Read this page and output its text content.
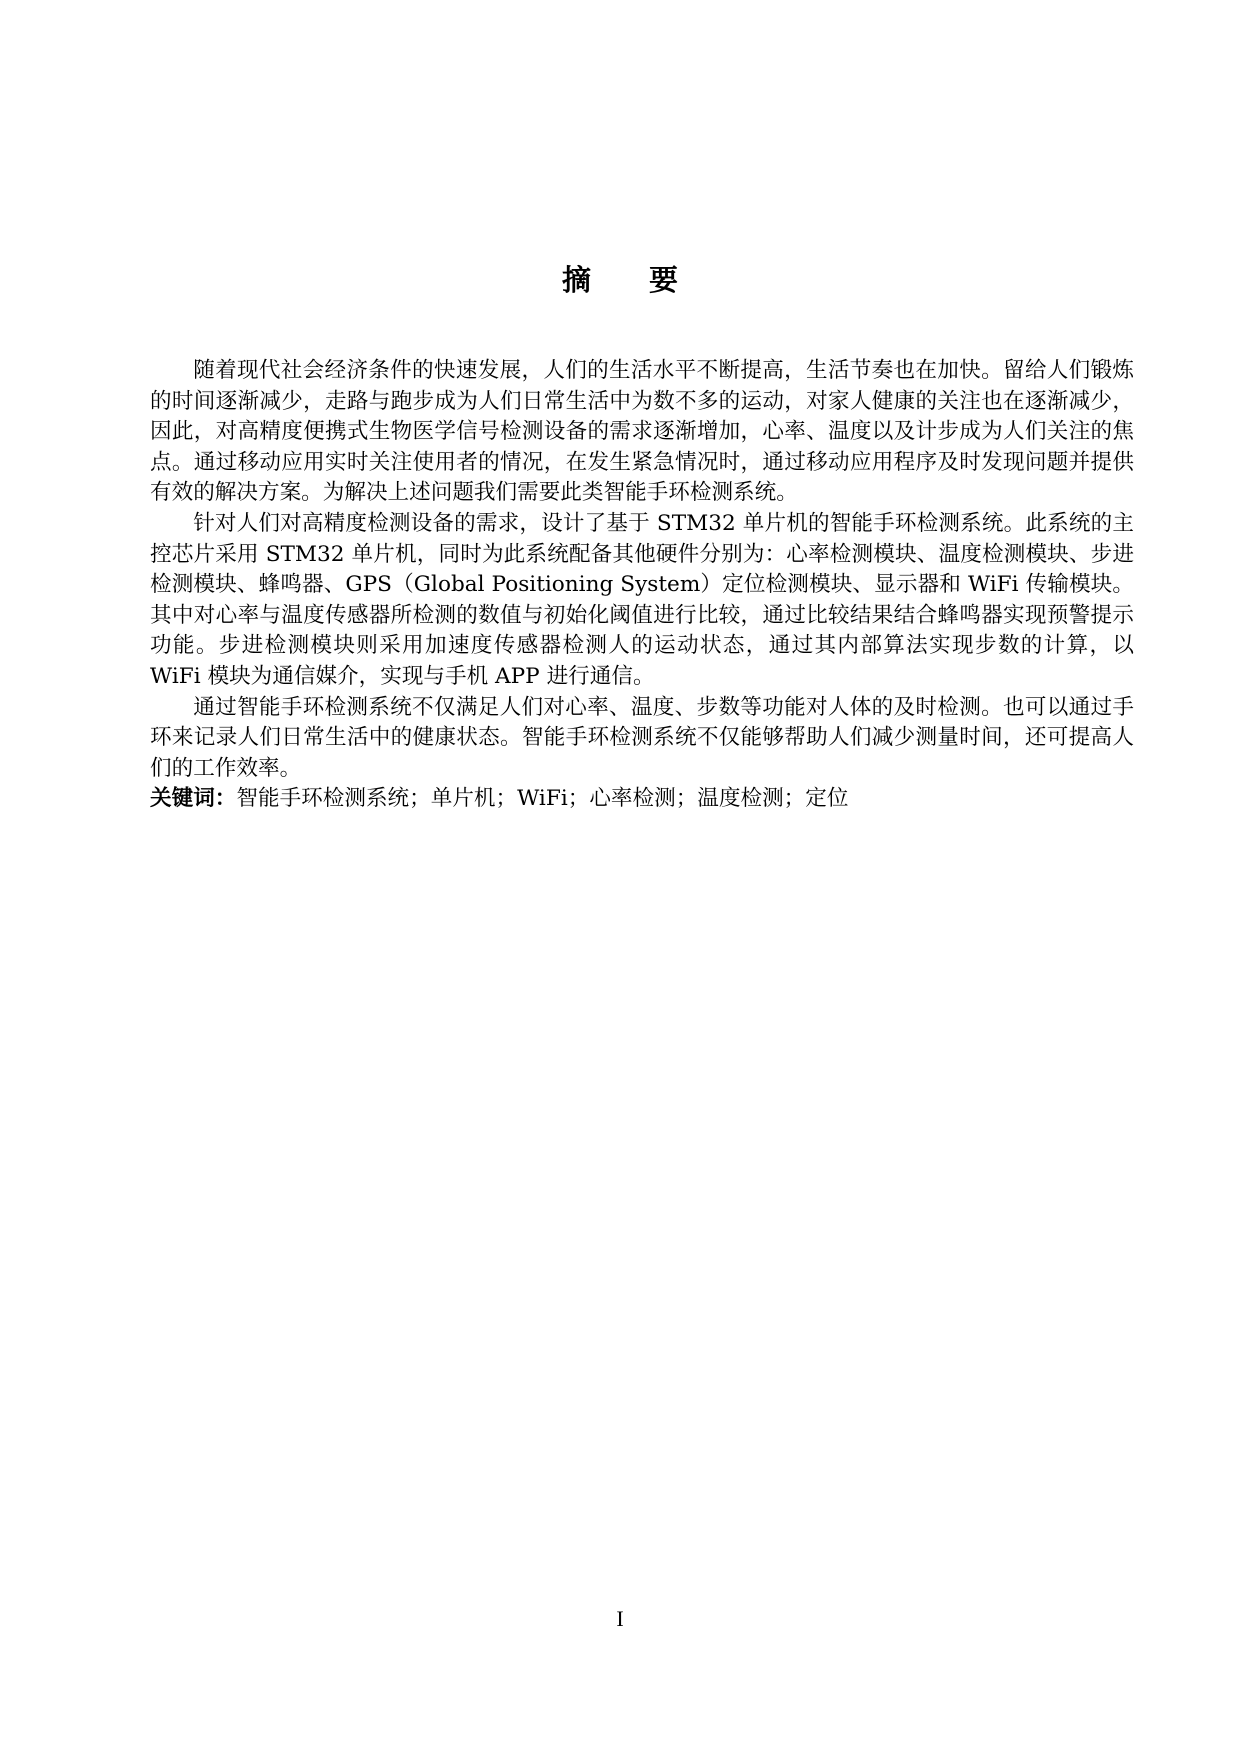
摘 要

随着现代社会经济条件的快速发展，人们的生活水平不断提高，生活节奏也在加快。留给人们锻炼的时间逐渐减少，走路与跑步成为人们日常生活中为数不多的运动，对家人健康的关注也在逐渐减少，因此，对高精度便携式生物医学信号检测设备的需求逐渐增加，心率、温度以及计步成为人们关注的焦点。通过移动应用实时关注使用者的情况，在发生紧急情况时，通过移动应用程序及时发现问题并提供有效的解决方案。为解决上述问题我们需要此类智能手环检测系统。

针对人们对高精度检测设备的需求，设计了基于 STM32 单片机的智能手环检测系统。此系统的主控芯片采用 STM32 单片机，同时为此系统配备其他硬件分别为：心率检测模块、温度检测模块、步进检测模块、蜂鸣器、GPS（Global Positioning System）定位检测模块、显示器和 WiFi 传输模块。其中对心率与温度传感器所检测的数值与初始化阈值进行比较，通过比较结果结合蜂鸣器实现预警提示功能。步进检测模块则采用加速度传感器检测人的运动状态，通过其内部算法实现步数的计算，以 WiFi 模块为通信媒介，实现与手机 APP 进行通信。

通过智能手环检测系统不仅满足人们对心率、温度、步数等功能对人体的及时检测。也可以通过手环来记录人们日常生活中的健康状态。智能手环检测系统不仅能够帮助人们减少测量时间，还可提高人们的工作效率。

关键词：智能手环检测系统；单片机；WiFi；心率检测；温度检测；定位

I
